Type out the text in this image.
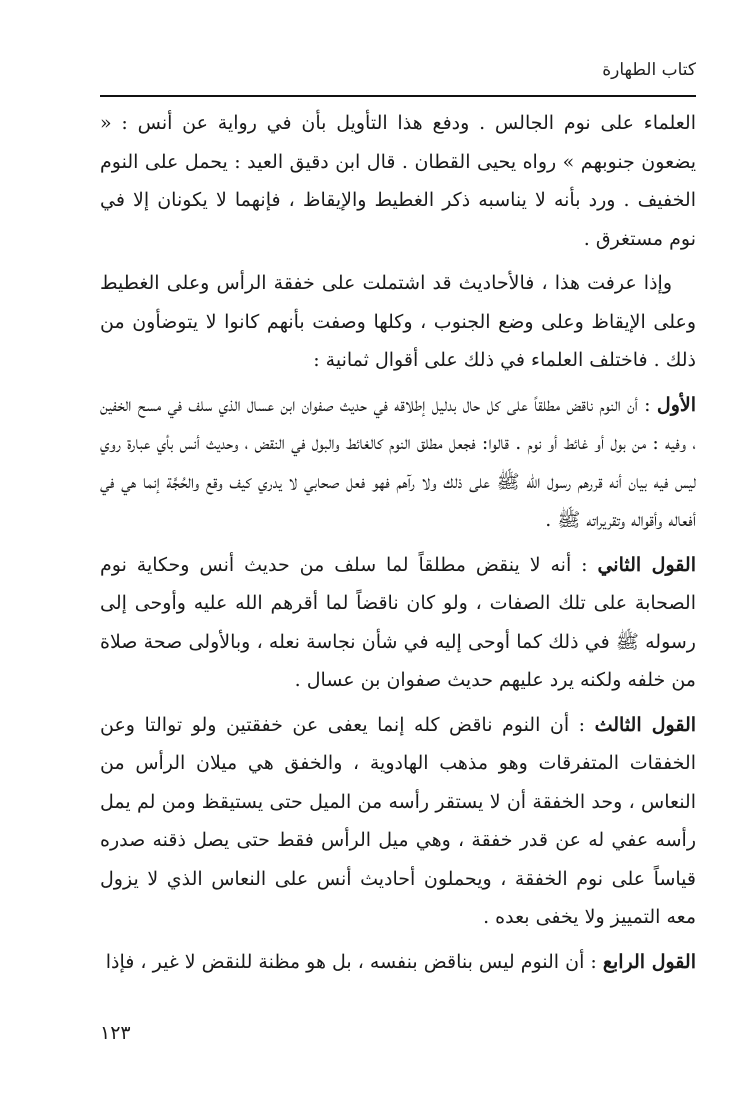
كتاب الطهارة

العلماء على نوم الجالس . ودفع هذا التأويل بأن في رواية عن أنس : « يضعون جنوبهم » رواه يحيى القطان . قال ابن دقيق العيد : يحمل على النوم الخفيف . ورد بأنه لا يناسبه ذكر الغطيط والإيقاظ ، فإنهما لا يكونان إلا في نوم مستغرق .

وإذا عرفت هذا ، فالأحاديث قد اشتملت على خفقة الرأس وعلى الغطيط وعلى الإيقاظ وعلى وضع الجنوب ، وكلها وصفت بأنهم كانوا لا يتوضأون من ذلك . فاختلف العلماء في ذلك على أقوال ثمانية :

الأول : أن النوم ناقض مطلقاً على كل حال بدليل إطلاقه في حديث صفوان ابن عسال الذي سلف في مسح الخفين ، وفيه : من بول أو غائط أو نوم . قالوا: فجعل مطلق النوم كالغائط والبول في النقض ، وحديث أنس بأي عبارة روي ليس فيه بيان أنه قررهم رسول الله ﷺ على ذلك ولا رآهم فهو فعل صحابي لا يدري كيف وقع والحُجَّة إنما هي في أفعاله وأقواله وتقريراته ﷺ .

القول الثاني : أنه لا ينقض مطلقاً لما سلف من حديث أنس وحكاية نوم الصحابة على تلك الصفات ، ولو كان ناقضاً لما أقرهم الله عليه وأوحى إلى رسوله ﷺ في ذلك كما أوحى إليه في شأن نجاسة نعله ، وبالأولى صحة صلاة من خلفه ولكنه يرد عليهم حديث صفوان بن عسال .

القول الثالث : أن النوم ناقض كله إنما يعفى عن خفقتين ولو توالتا وعن الخفقات المتفرقات وهو مذهب الهادوية ، والخفق هي ميلان الرأس من النعاس ، وحد الخفقة أن لا يستقر رأسه من الميل حتى يستيقظ ومن لم يمل رأسه عفي له عن قدر خفقة ، وهي ميل الرأس فقط حتى يصل ذقنه صدره قياساً على نوم الخفقة ، ويحملون أحاديث أنس على النعاس الذي لا يزول معه التمييز ولا يخفى بعده .

القول الرابع : أن النوم ليس بناقض بنفسه ، بل هو مظنة للنقض لا غير ، فإذا

١٢٣
